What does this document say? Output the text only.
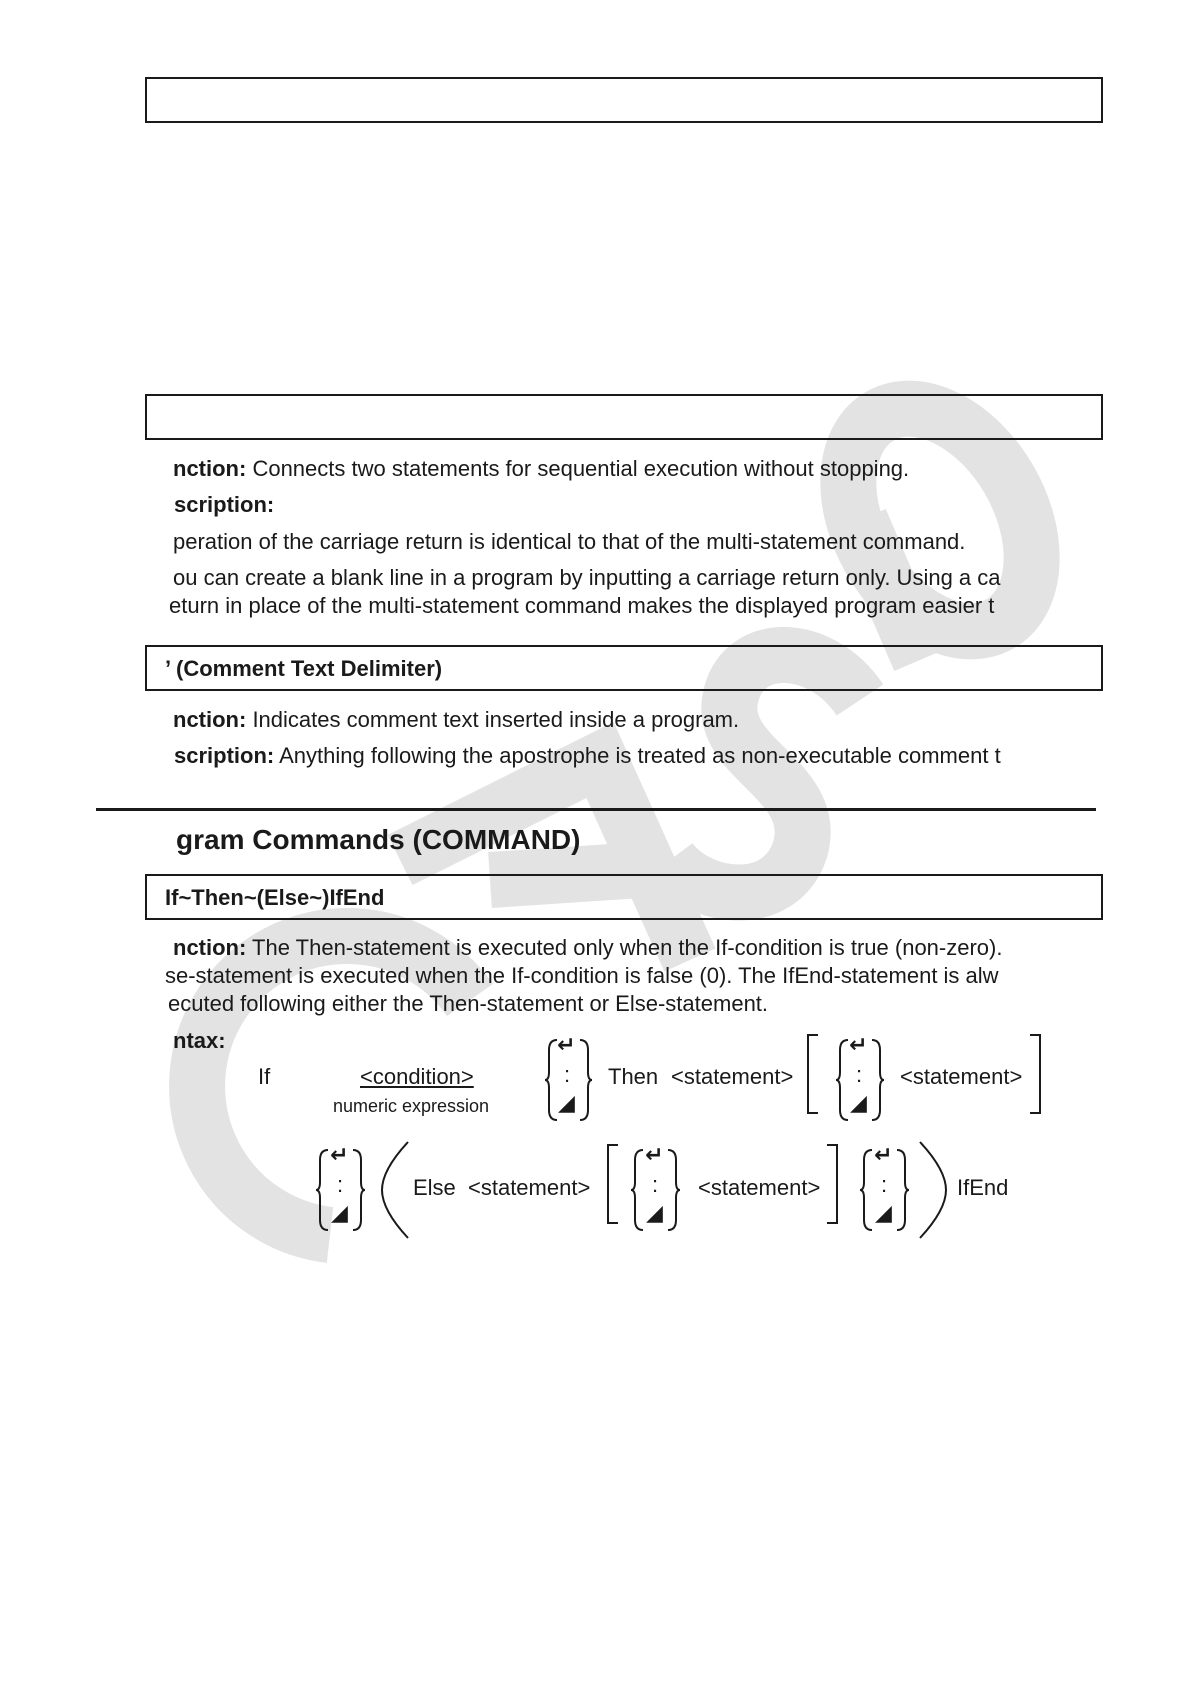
nction: Connects two statements for sequential execution without stopping.
scription:
peration of the carriage return is identical to that of the multi-statement command.
ou can create a blank line in a program by inputting a carriage return only. Using a ca
eturn in place of the multi-statement command makes the displayed program easier t
’ (Comment Text Delimiter)
nction: Indicates comment text inserted inside a program.
scription: Anything following the apostrophe is treated as non-executable comment t
gram Commands (COMMAND)
If~Then~(Else~)IfEnd
nction: The Then-statement is executed only when the If-condition is true (non-zero).
se-statement is executed when the If-condition is false (0). The IfEnd-statement is alw
ecuted following either the Then-statement or Else-statement.
ntax:
If	<condition>
numeric expression
↵
:
◢
Then <statement>
↵
:
◢
<statement>
↵
:
◢
Else <statement>
↵
:
◢
<statement>
↵
:
◢
IfEnd
